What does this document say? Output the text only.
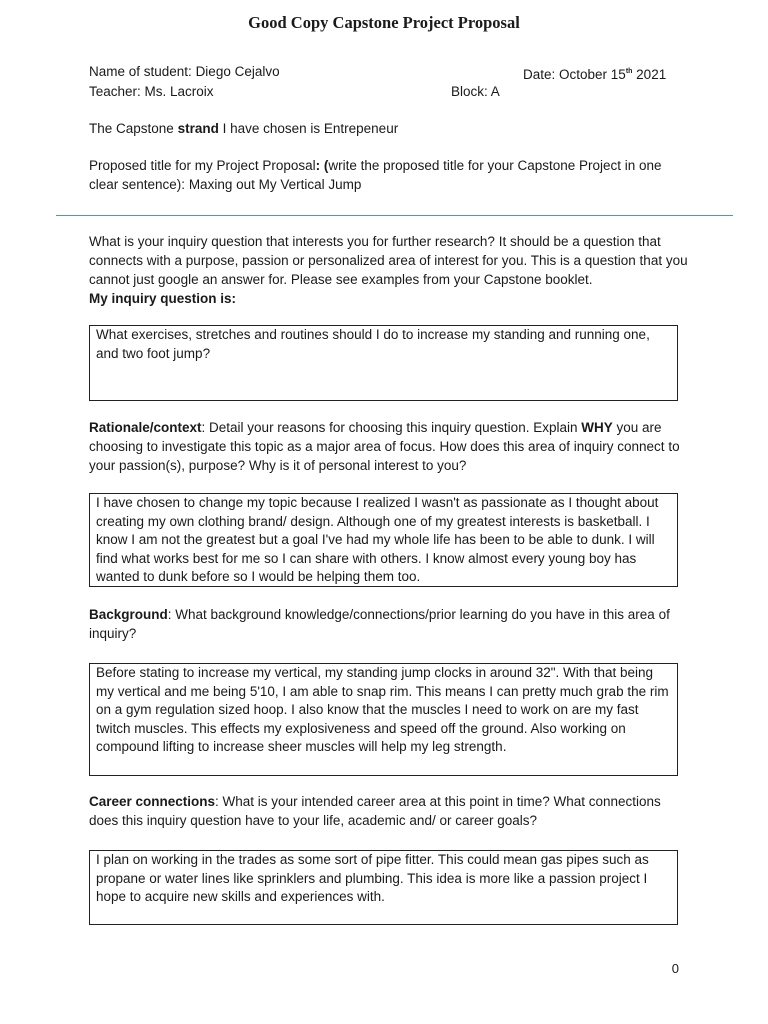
Good Copy Capstone Project Proposal
Name of student: Diego Cejalvo	Date: October 15th 2021
Teacher: Ms. Lacroix	Block: A
The Capstone strand I have chosen is Entrepeneur
Proposed title for my Project Proposal: (write the proposed title for your Capstone Project in one clear sentence): Maxing out My Vertical Jump
What is your inquiry question that interests you for further research? It should be a question that connects with a purpose, passion or personalized area of interest for you. This is a question that you cannot just google an answer for. Please see examples from your Capstone booklet.
My inquiry question is:
What exercises, stretches and routines should I do to increase my standing and running one, and two foot jump?
Rationale/context: Detail your reasons for choosing this inquiry question. Explain WHY you are choosing to investigate this topic as a major area of focus. How does this area of inquiry connect to your passion(s), purpose? Why is it of personal interest to you?
I have chosen to change my topic because I realized I wasn't as passionate as I thought about creating my own clothing brand/ design. Although one of my greatest interests is basketball. I know I am not the greatest but a goal I've had my whole life has been to be able to dunk. I will find what works best for me so I can share with others. I know almost every young boy has wanted to dunk before so I would be helping them too.
Background: What background knowledge/connections/prior learning do you have in this area of inquiry?
Before stating to increase my vertical, my standing jump clocks in around 32". With that being my vertical and me being 5'10, I am able to snap rim. This means I can pretty much grab the rim on a gym regulation sized hoop. I also know that the muscles I need to work on are my fast twitch muscles. This effects my explosiveness and speed off the ground. Also working on compound lifting to increase sheer muscles will help my leg strength.
Career connections: What is your intended career area at this point in time? What connections does this inquiry question have to your life, academic and/ or career goals?
I plan on working in the trades as some sort of pipe fitter. This could mean gas pipes such as propane or water lines like sprinklers and plumbing. This idea is more like a passion project I hope to acquire new skills and experiences with.
0
